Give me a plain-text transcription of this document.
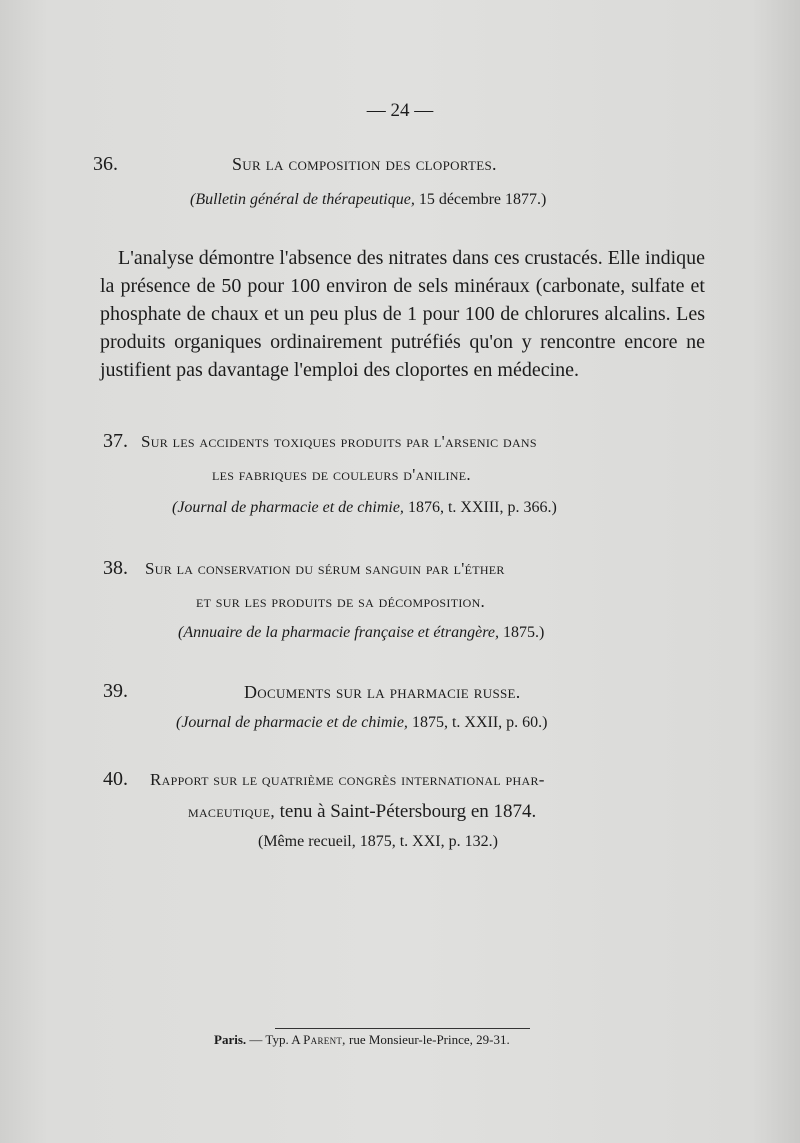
— 24 —
36.	Sur la composition des cloportes.
(Bulletin général de thérapeutique, 15 décembre 1877.)

L'analyse démontre l'absence des nitrates dans ces crustacés. Elle indique la présence de 50 pour 100 environ de sels minéraux (carbonate, sulfate et phosphate de chaux et un peu plus de 1 pour 100 de chlorures alcalins. Les produits organiques ordinairement putréfiés qu'on y rencontre encore ne justifient pas davantage l'emploi des cloportes en médecine.

37. Sur les accidents toxiques produits par l'arsenic dans
les fabriques de couleurs d'aniline.
(Journal de pharmacie et de chimie, 1876, t. XXIII, p. 366.)
38. Sur la conservation du sérum sanguin par l'éther
et sur les produits de sa décomposition.
(Annuaire de la pharmacie française et étrangère, 1875.)
39.	Documents sur la pharmacie russe.
(Journal de pharmacie et de chimie, 1875, t. XXII, p. 60.)
40. Rapport sur le quatrième congrès international phar-
maceutique, tenu à Saint-Pétersbourg en 1874.
(Même recueil, 1875, t. XXI, p. 132.)
Paris. — Typ. A Parent, rue Monsieur-le-Prince, 29-31.
